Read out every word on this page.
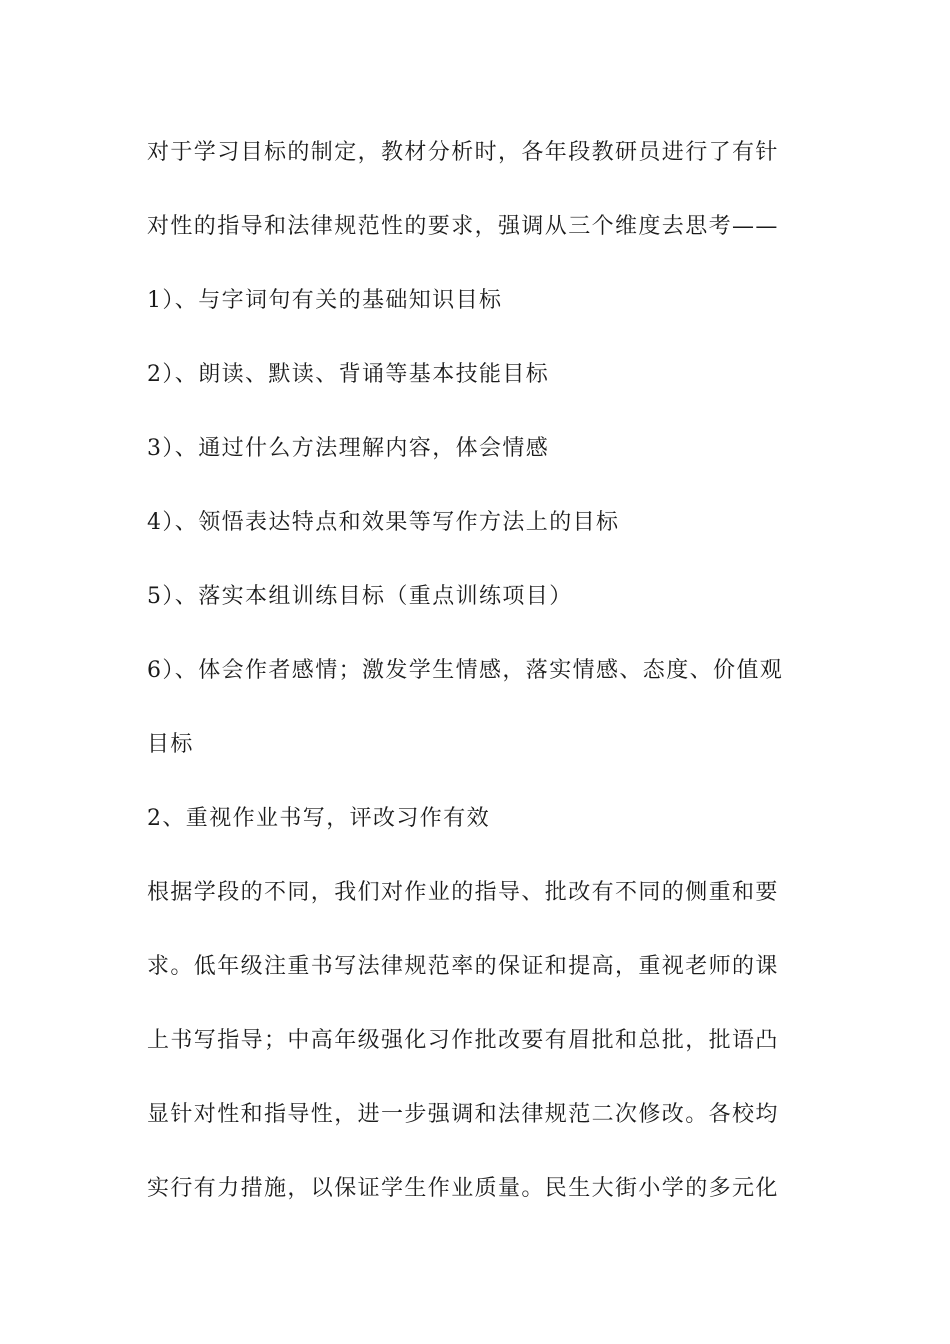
对于学习目标的制定，教材分析时，各年段教研员进行了有针
对性的指导和法律规范性的要求，强调从三个维度去思考——
1）、与字词句有关的基础知识目标
2）、朗读、默读、背诵等基本技能目标
3）、通过什么方法理解内容，体会情感
4）、领悟表达特点和效果等写作方法上的目标
5）、落实本组训练目标（重点训练项目）
6）、体会作者感情；激发学生情感，落实情感、态度、价值观
目标
2、重视作业书写，评改习作有效
根据学段的不同，我们对作业的指导、批改有不同的侧重和要
求。低年级注重书写法律规范率的保证和提高，重视老师的课
上书写指导；中高年级强化习作批改要有眉批和总批，批语凸
显针对性和指导性，进一步强调和法律规范二次修改。各校均
实行有力措施，以保证学生作业质量。民生大街小学的多元化
